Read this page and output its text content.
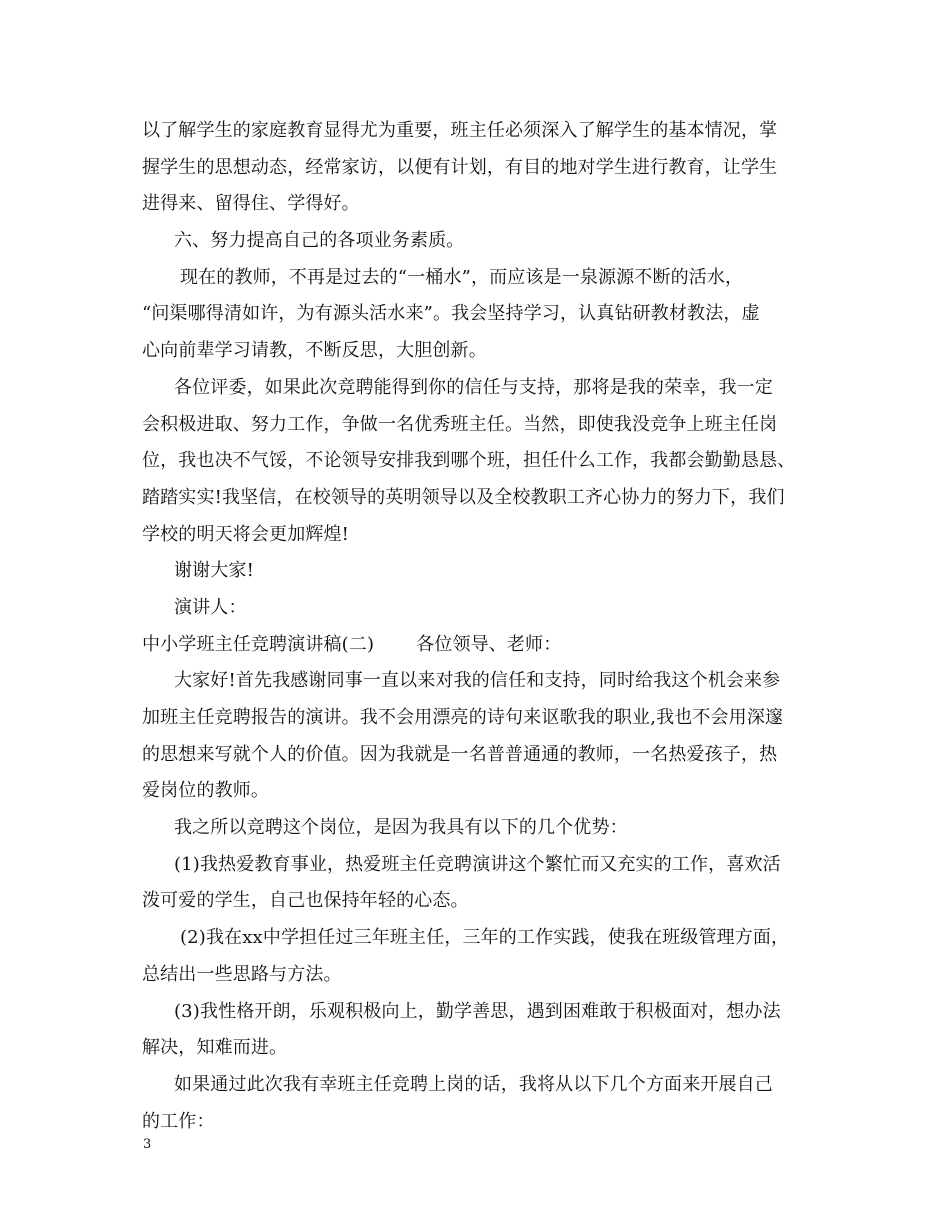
以了解学生的家庭教育显得尤为重要，班主任必须深入了解学生的基本情况，掌
握学生的思想动态，经常家访，以便有计划，有目的地对学生进行教育，让学生
进得来、留得住、学得好。
六、努力提高自己的各项业务素质。
现在的教师，不再是过去的“一桶水”，而应该是一泉源源不断的活水，
“问渠哪得清如许，为有源头活水来”。我会坚持学习，认真钻研教材教法，虚
心向前辈学习请教，不断反思，大胆创新。
各位评委，如果此次竞聘能得到你的信任与支持，那将是我的荣幸，我一定
会积极进取、努力工作，争做一名优秀班主任。当然，即使我没竞争上班主任岗
位，我也决不气馁，不论领导安排我到哪个班，担任什么工作，我都会勤勤恳恳、
踏踏实实!我坚信，在校领导的英明领导以及全校教职工齐心协力的努力下，我们
学校的明天将会更加辉煌!
谢谢大家!
演讲人：
中小学班主任竞聘演讲稿(二) 各位领导、老师：
大家好!首先我感谢同事一直以来对我的信任和支持，同时给我这个机会来参
加班主任竞聘报告的演讲。我不会用漂亮的诗句来讴歌我的职业,我也不会用深邃
的思想来写就个人的价值。因为我就是一名普普通通的教师，一名热爱孩子，热
爱岗位的教师。
我之所以竞聘这个岗位，是因为我具有以下的几个优势：
(1)我热爱教育事业，热爱班主任竞聘演讲这个繁忙而又充实的工作，喜欢活
泼可爱的学生，自己也保持年轻的心态。
(2)我在xx中学担任过三年班主任，三年的工作实践，使我在班级管理方面，
总结出一些思路与方法。
(3)我性格开朗，乐观积极向上，勤学善思，遇到困难敢于积极面对，想办法
解决，知难而进。
如果通过此次我有幸班主任竞聘上岗的话，我将从以下几个方面来开展自己
的工作：
3
